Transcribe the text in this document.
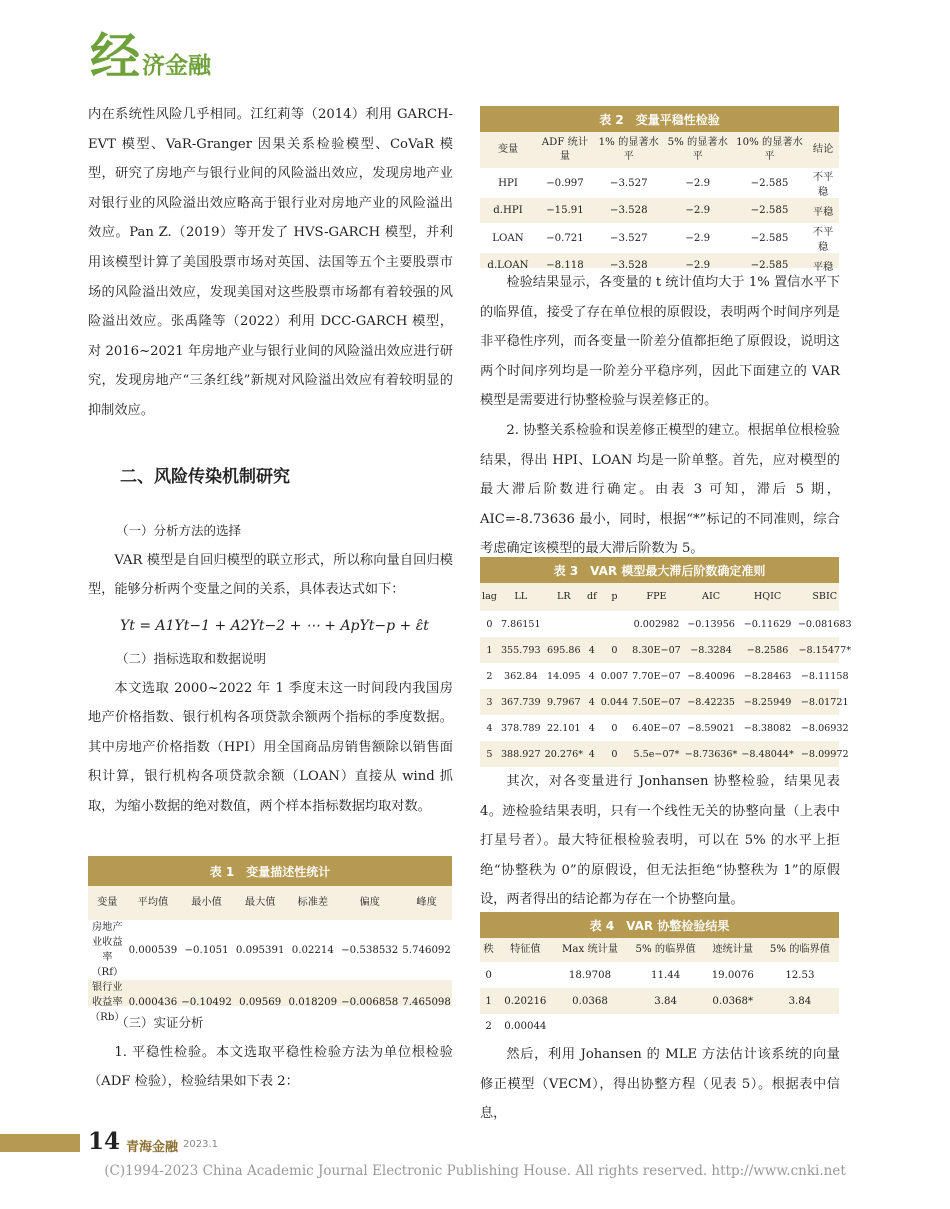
经 济金融

内在系统性风险几乎相同。江红莉等（2014）利用 GARCH-EVT 模型、VaR-Granger 因果关系检验模型、CoVaR 模型，研究了房地产与银行业间的风险溢出效应，发现房地产业对银行业的风险溢出效应略高于银行业对房地产业的风险溢出效应。Pan Z.（2019）等开发了 HVS-GARCH 模型，并利用该模型计算了美国股票市场对英国、法国等五个主要股票市场的风险溢出效应，发现美国对这些股票市场都有着较强的风险溢出效应。张禹隆等（2022）利用 DCC-GARCH 模型，对 2016~2021 年房地产业与银行业间的风险溢出效应进行研究，发现房地产“三条红线”新规对风险溢出效应有着较明显的抑制效应。

二、风险传染机制研究

（一）分析方法的选择

VAR 模型是自回归模型的联立形式，所以称向量自回归模型，能够分析两个变量之间的关系，具体表达式如下：

Yt = A1Yt−1 + A2Yt−2 + ⋯ + ApYt−p + ε̂t

（二）指标选取和数据说明

本文选取 2000~2022 年 1 季度末这一时间段内我国房地产价格指数、银行机构各项贷款余额两个指标的季度数据。其中房地产价格指数（HPI）用全国商品房销售额除以销售面积计算，银行机构各项贷款余额（LOAN）直接从 wind 抓取，为缩小数据的绝对数值，两个样本指标数据均取对数。

表 1　变量描述性统计
变量	平均值	最小值	最大值	标准差	偏度	峰度
房地产业收益率（Rf）	0.000539	−0.1051	0.095391	0.02214	−0.538532	5.746092
银行业收益率（Rb）	0.000436	−0.10492	0.09569	0.018209	−0.006858	7.465098

（三）实证分析

1. 平稳性检验。本文选取平稳性检验方法为单位根检验（ADF 检验），检验结果如下表 2：

表 2　变量平稳性检验
变量	ADF 统计量	1% 的显著水平	5% 的显著水平	10% 的显著水平	结论
HPI	−0.997	−3.527	−2.9	−2.585	不平稳
d.HPI	−15.91	−3.528	−2.9	−2.585	平稳
LOAN	−0.721	−3.527	−2.9	−2.585	不平稳
d.LOAN	−8.118	−3.528	−2.9	−2.585	平稳

检验结果显示，各变量的 t 统计值均大于 1% 置信水平下的临界值，接受了存在单位根的原假设，表明两个时间序列是非平稳性序列，而各变量一阶差分值都拒绝了原假设，说明这两个时间序列均是一阶差分平稳序列，因此下面建立的 VAR 模型是需要进行协整检验与误差修正的。

2. 协整关系检验和误差修正模型的建立。根据单位根检验结果，得出 HPI、LOAN 均是一阶单整。首先，应对模型的最大滞后阶数进行确定。由表 3 可知，滞后 5 期，AIC=-8.73636 最小，同时，根据“*”标记的不同准则，综合考虑确定该模型的最大滞后阶数为 5。

表 3　VAR 模型最大滞后阶数确定准则
lag	LL	LR	df	p	FPE	AIC	HQIC	SBIC
0	7.86151				0.002982	−0.13956	−0.11629	−0.081683
1	355.793	695.86	4	0	8.30E−07	−8.3284	−8.2586	−8.15477*
2	362.84	14.095	4	0.007	7.70E−07	−8.40096	−8.28463	−8.11158
3	367.739	9.7967	4	0.044	7.50E−07	−8.42235	−8.25949	−8.01721
4	378.789	22.101	4	0	6.40E−07	−8.59021	−8.38082	−8.06932
5	388.927	20.276*	4	0	5.5e−07*	−8.73636*	−8.48044*	−8.09972

其次，对各变量进行 Jonhansen 协整检验，结果见表 4。迹检验结果表明，只有一个线性无关的协整向量（上表中打星号者）。最大特征根检验表明，可以在 5% 的水平上拒绝“协整秩为 0”的原假设，但无法拒绝“协整秩为 1”的原假设，两者得出的结论都为存在一个协整向量。

表 4　VAR 协整检验结果
秩	特征值	Max 统计量	5% 的临界值	迹统计量	5% 的临界值
0		18.9708	11.44	19.0076	12.53
1	0.20216	0.0368	3.84	0.0368*	3.84
2	0.00044				

然后，利用 Johansen 的 MLE 方法估计该系统的向量修正模型（VECM），得出协整方程（见表 5）。根据表中信息，

14 青海金融 2023.1
(C)1994-2023 China Academic Journal Electronic Publishing House. All rights reserved. http://www.cnki.net
